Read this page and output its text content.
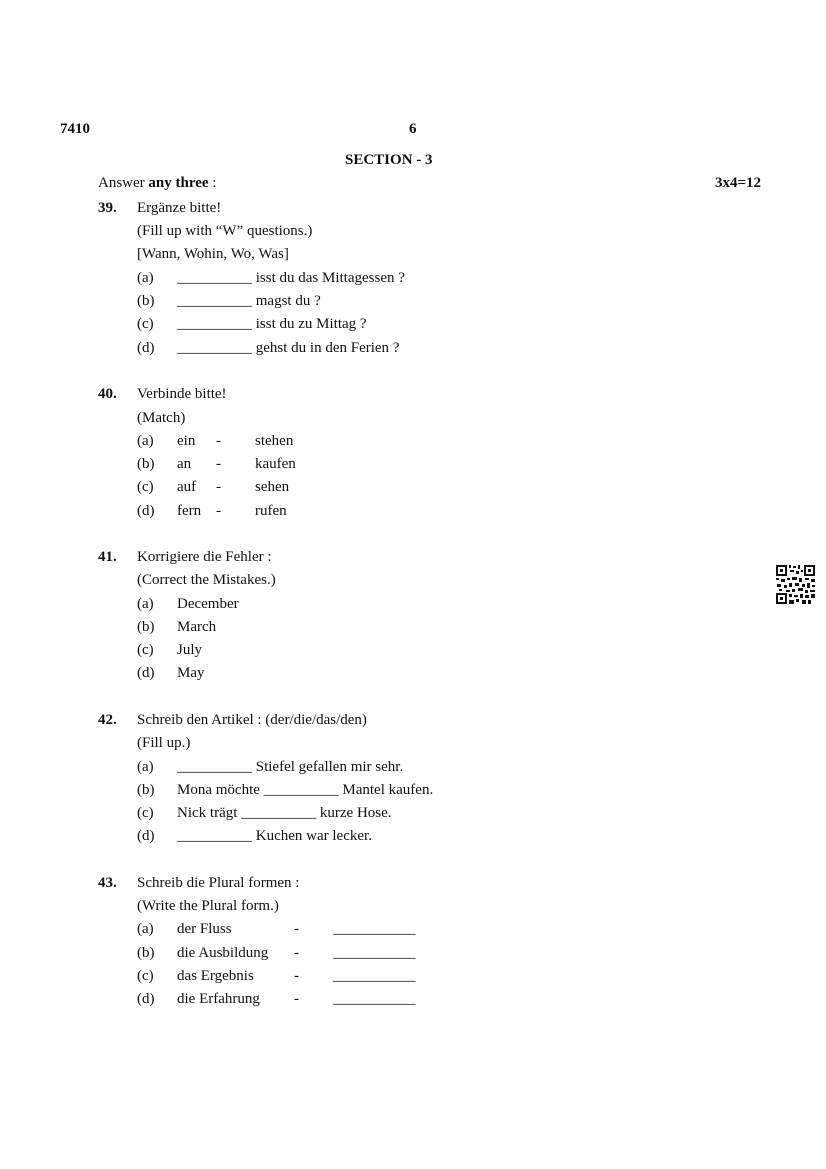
7410	6
SECTION - 3
Answer any three :	3x4=12
39. Ergänze bitte!
(Fill up with “W” questions.)
[Wann, Wohin, Wo, Was]
(a) __________ isst du das Mittagessen ?
(b) __________ magst du ?
(c) __________ isst du zu Mittag ?
(d) __________ gehst du in den Ferien ?
40. Verbinde bitte!
(Match)
(a) ein - stehen
(b) an - kaufen
(c) auf - sehen
(d) fern - rufen
41. Korrigiere die Fehler :
(Correct the Mistakes.)
(a) December
(b) March
(c) July
(d) May
42. Schreib den Artikel : (der/die/das/den)
(Fill up.)
(a) __________ Stiefel gefallen mir sehr.
(b) Mona möchte __________ Mantel kaufen.
(c) Nick trägt __________ kurze Hose.
(d) __________ Kuchen war lecker.
43. Schreib die Plural formen :
(Write the Plural form.)
(a) der Fluss	- ___________
(b) die Ausbildung - ___________
(c) das Ergebnis	- ___________
(d) die Erfahrung - ___________
